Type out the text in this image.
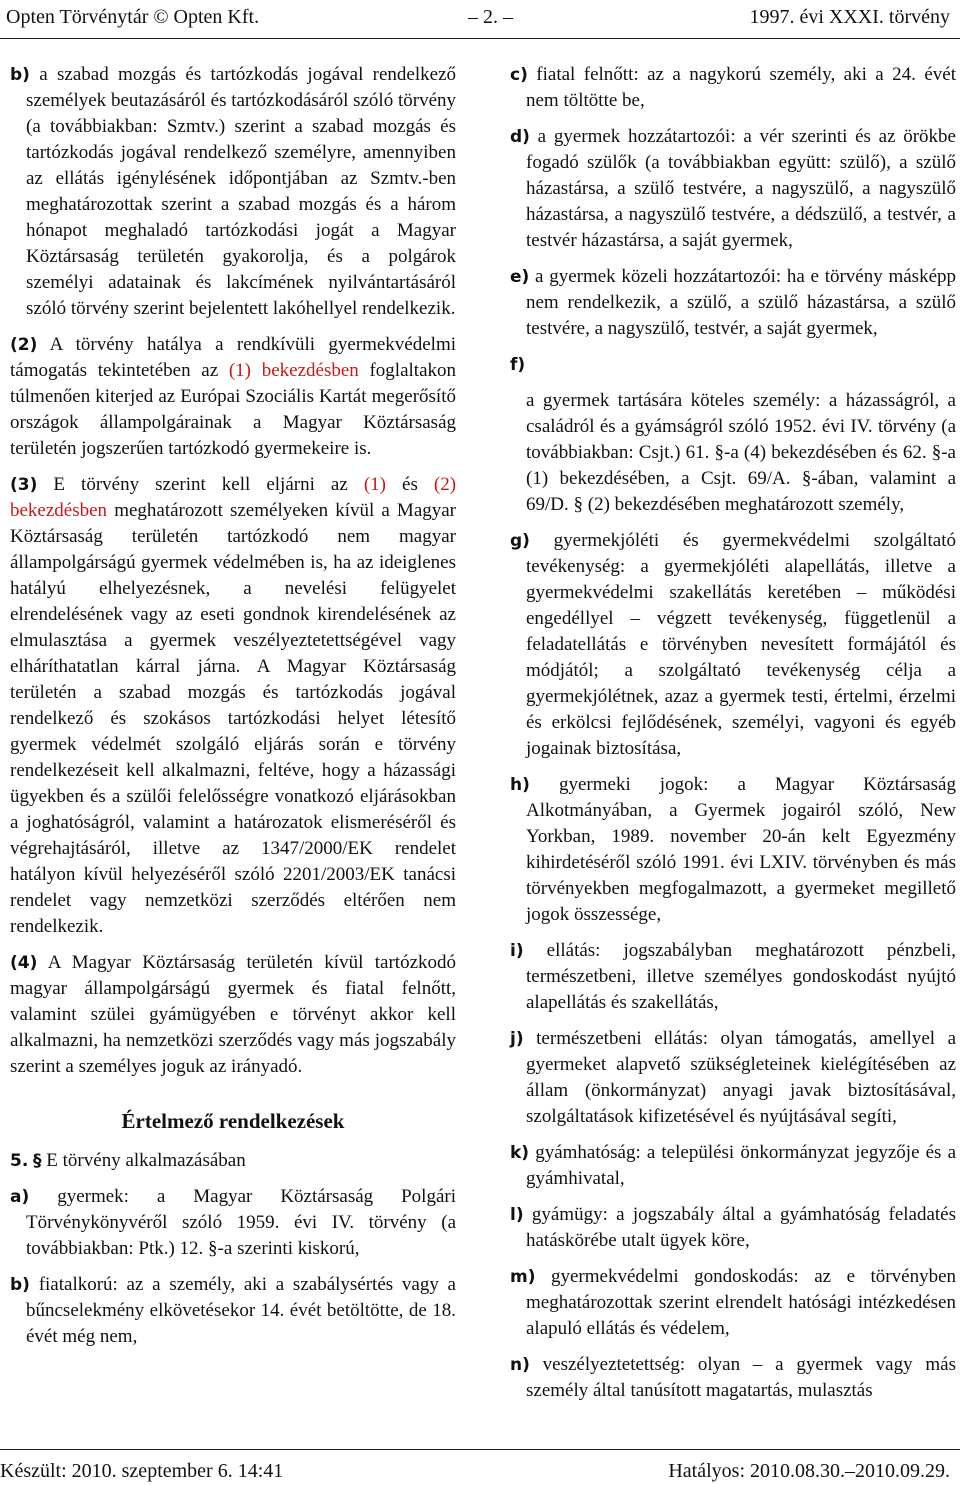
Opten Törvénytár © Opten Kft.	– 2. –	1997. évi XXXI. törvény

b) a szabad mozgás és tartózkodás jogával rendelkező személyek beutazásáról és tartózkodásáról szóló törvény (a továbbiakban: Szmtv.) szerint a szabad mozgás és tartózkodás jogával rendelkező személyre, amennyiben az ellátás igénylésének időpontjában az Szmtv.-ben meghatározottak szerint a szabad mozgás és a három hónapot meghaladó tartózkodási jogát a Magyar Köztársaság területén gyakorolja, és a polgárok személyi adatainak és lakcímének nyilvántartásáról szóló törvény szerint bejelentett lakóhellyel rendelkezik.

(2) A törvény hatálya a rendkívüli gyermekvédelmi támogatás tekintetében az (1) bekezdésben foglaltakon túlmenően kiterjed az Európai Szociális Kartát megerősítő országok állampolgárainak a Magyar Köztársaság területén jogszerűen tartózkodó gyermekeire is.

(3) E törvény szerint kell eljárni az (1) és (2) bekezdésben meghatározott személyeken kívül a Magyar Köztársaság területén tartózkodó nem magyar állampolgárságú gyermek védelmében is, ha az ideiglenes hatályú elhelyezésnek, a nevelési felügyelet elrendelésének vagy az eseti gondnok kirendelésének az elmulasztása a gyermek veszélyeztetettségével vagy elháríthatatlan kárral járna. A Magyar Köztársaság területén a szabad mozgás és tartózkodás jogával rendelkező és szokásos tartózkodási helyet létesítő gyermek védelmét szolgáló eljárás során e törvény rendelkezéseit kell alkalmazni, feltéve, hogy a házassági ügyekben és a szülői felelősségre vonatkozó eljárásokban a joghatóságról, valamint a határozatok elismeréséről és végrehajtásáról, illetve az 1347/2000/EK rendelet hatályon kívül helyezéséről szóló 2201/2003/EK tanácsi rendelet vagy nemzetközi szerződés eltérően nem rendelkezik.

(4) A Magyar Köztársaság területén kívül tartózkodó magyar állampolgárságú gyermek és fiatal felnőtt, valamint szülei gyámügyében e törvényt akkor kell alkalmazni, ha nemzetközi szerződés vagy más jogszabály szerint a személyes joguk az irányadó.

Értelmező rendelkezések

5. § E törvény alkalmazásában

a) gyermek: a Magyar Köztársaság Polgári Törvénykönyvéről szóló 1959. évi IV. törvény (a továbbiakban: Ptk.) 12. §-a szerinti kiskorú,

b) fiatalkorú: az a személy, aki a szabálysértés vagy a bűncselekmény elkövetésekor 14. évét betöltötte, de 18. évét még nem,

c) fiatal felnőtt: az a nagykorú személy, aki a 24. évét nem töltötte be,

d) a gyermek hozzátartozói: a vér szerinti és az örökbe fogadó szülők (a továbbiakban együtt: szülő), a szülő házastársa, a szülő testvére, a nagyszülő, a nagyszülő házastársa, a nagyszülő testvére, a dédszülő, a testvér, a testvér házastársa, a saját gyermek,

e) a gyermek közeli hozzátartozói: ha e törvény másképp nem rendelkezik, a szülő, a szülő házastársa, a szülő testvére, a nagyszülő, testvér, a saját gyermek,

f)

a gyermek tartására köteles személy: a házasságról, a családról és a gyámságról szóló 1952. évi IV. törvény (a továbbiakban: Csjt.) 61. §-a (4) bekezdésében és 62. §-a (1) bekezdésében, a Csjt. 69/A. §-ában, valamint a 69/D. § (2) bekezdésében meghatározott személy,

g) gyermekjóléti és gyermekvédelmi szolgáltató tevékenység: a gyermekjóléti alapellátás, illetve a gyermekvédelmi szakellátás keretében – működési engedéllyel – végzett tevékenység, függetlenül a feladatellátás e törvényben nevesített formájától és módjától; a szolgáltató tevékenység célja a gyermekjólétnek, azaz a gyermek testi, értelmi, érzelmi és erkölcsi fejlődésének, személyi, vagyoni és egyéb jogainak biztosítása,

h) gyermeki jogok: a Magyar Köztársaság Alkotmányában, a Gyermek jogairól szóló, New Yorkban, 1989. november 20-án kelt Egyezmény kihirdetéséről szóló 1991. évi LXIV. törvényben és más törvényekben megfogalmazott, a gyermeket megillető jogok összessége,

i) ellátás: jogszabályban meghatározott pénzbeli, természetbeni, illetve személyes gondoskodást nyújtó alapellátás és szakellátás,

j) természetbeni ellátás: olyan támogatás, amellyel a gyermeket alapvető szükségleteinek kielégítésében az állam (önkormányzat) anyagi javak biztosításával, szolgáltatások kifizetésével és nyújtásával segíti,

k) gyámhatóság: a települési önkormányzat jegyzője és a gyámhivatal,

l) gyámügy: a jogszabály által a gyámhatóság feladatés hatáskörébe utalt ügyek köre,

m) gyermekvédelmi gondoskodás: az e törvényben meghatározottak szerint elrendelt hatósági intézkedésen alapuló ellátás és védelem,

n) veszélyeztetettség: olyan – a gyermek vagy más személy által tanúsított magatartás, mulasztás

Készült: 2010. szeptember 6. 14:41	Hatályos: 2010.08.30.–2010.09.29.
